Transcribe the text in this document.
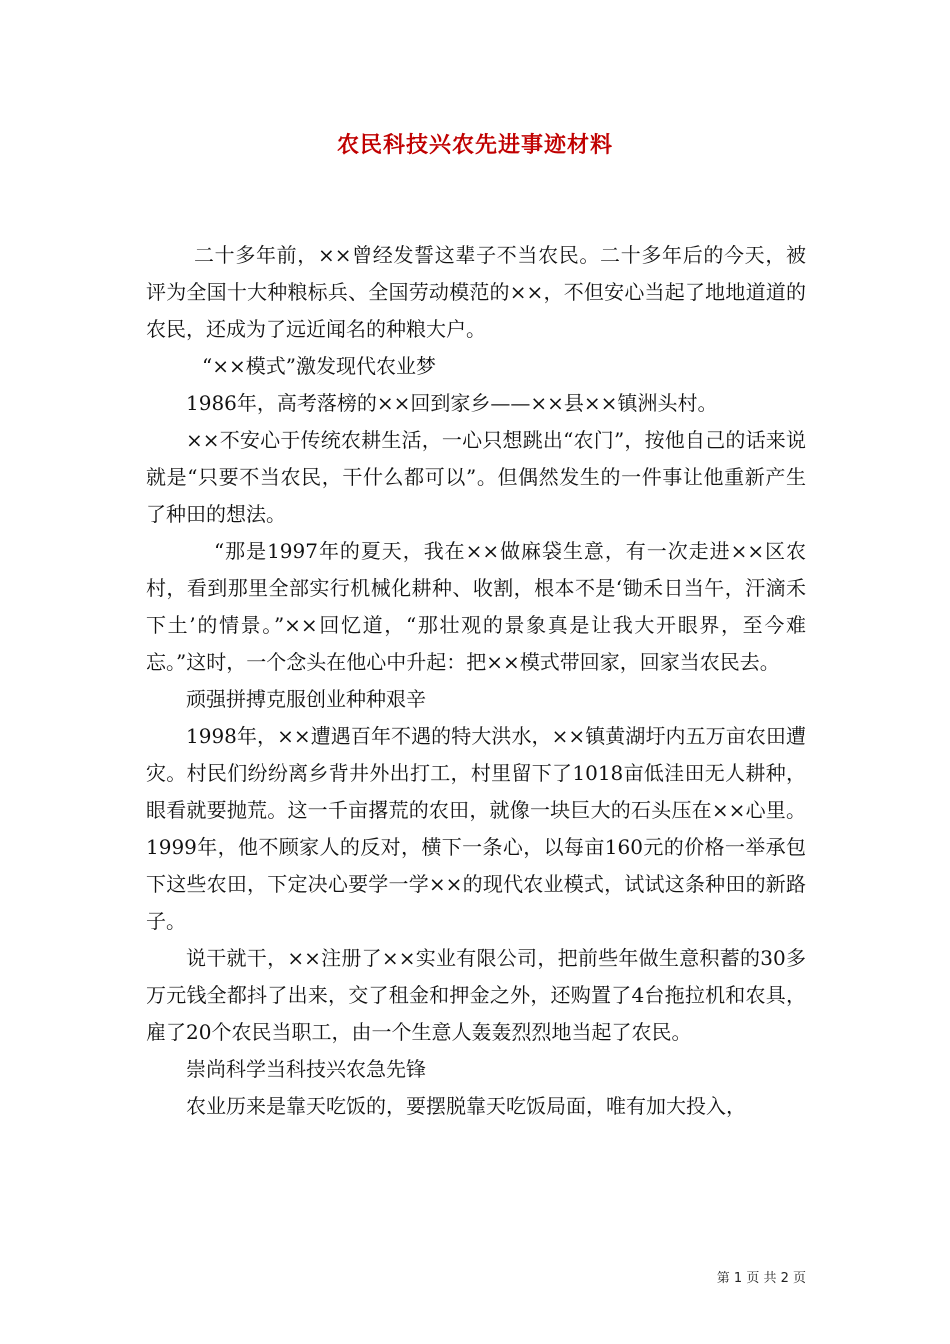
农民科技兴农先进事迹材料

二十多年前，××曾经发誓这辈子不当农民。二十多年后的今天，被评为全国十大种粮标兵、全国劳动模范的××，不但安心当起了地地道道的农民，还成为了远近闻名的种粮大户。

“××模式”激发现代农业梦

1986年，高考落榜的××回到家乡——××县××镇洲头村。

××不安心于传统农耕生活，一心只想跳出“农门”，按他自己的话来说就是“只要不当农民，干什么都可以”。但偶然发生的一件事让他重新产生了种田的想法。

“那是1997年的夏天，我在××做麻袋生意，有一次走进××区农村，看到那里全部实行机械化耕种、收割，根本不是‘锄禾日当午，汗滴禾下土’的情景。”××回忆道，“那壮观的景象真是让我大开眼界，至今难忘。”这时，一个念头在他心中升起：把××模式带回家，回家当农民去。

顽强拼搏克服创业种种艰辛

1998年，××遭遇百年不遇的特大洪水，××镇黄湖圩内五万亩农田遭灾。村民们纷纷离乡背井外出打工，村里留下了1018亩低洼田无人耕种，眼看就要抛荒。这一千亩撂荒的农田，就像一块巨大的石头压在××心里。1999年，他不顾家人的反对，横下一条心，以每亩160元的价格一举承包下这些农田，下定决心要学一学××的现代农业模式，试试这条种田的新路子。

说干就干，××注册了××实业有限公司，把前些年做生意积蓄的30多万元钱全都抖了出来，交了租金和押金之外，还购置了4台拖拉机和农具，雇了20个农民当职工，由一个生意人轰轰烈烈地当起了农民。

崇尚科学当科技兴农急先锋

农业历来是靠天吃饭的，要摆脱靠天吃饭局面，唯有加大投入，

第 1 页 共 2 页
